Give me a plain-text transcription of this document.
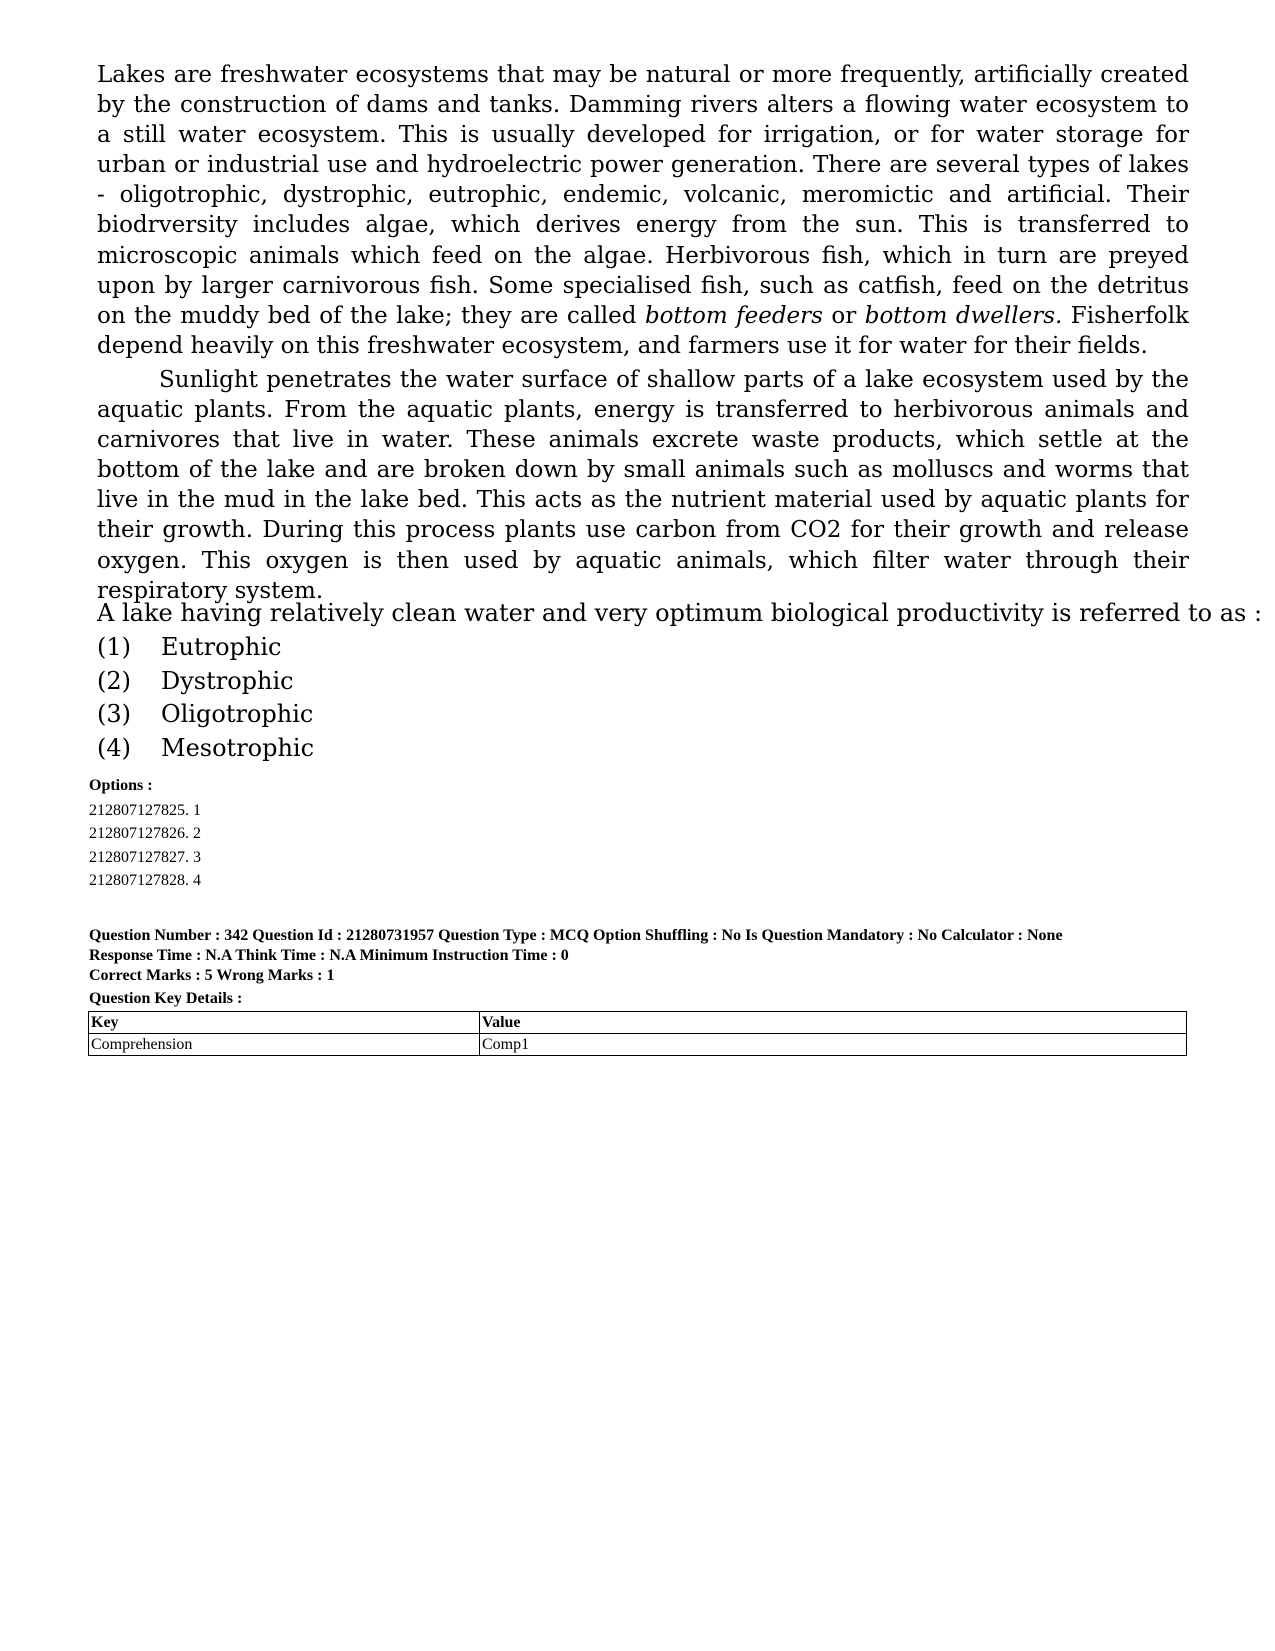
Lakes are freshwater ecosystems that may be natural or more frequently, artificially created by the construction of dams and tanks. Damming rivers alters a flowing water ecosystem to a still water ecosystem. This is usually developed for irrigation, or for water storage for urban or industrial use and hydroelectric power generation. There are several types of lakes - oligotrophic, dystrophic, eutrophic, endemic, volcanic, meromictic and artificial. Their biodrversity includes algae, which derives energy from the sun. This is transferred to microscopic animals which feed on the algae. Herbivorous fish, which in turn are preyed upon by larger carnivorous fish. Some specialised fish, such as catfish, feed on the detritus on the muddy bed of the lake; they are called bottom feeders or bottom dwellers. Fisherfolk depend heavily on this freshwater ecosystem, and farmers use it for water for their fields.

Sunlight penetrates the water surface of shallow parts of a lake ecosystem used by the aquatic plants. From the aquatic plants, energy is transferred to herbivorous animals and carnivores that live in water. These animals excrete waste products, which settle at the bottom of the lake and are broken down by small animals such as molluscs and worms that live in the mud in the lake bed. This acts as the nutrient material used by aquatic plants for their growth. During this process plants use carbon from CO2 for their growth and release oxygen. This oxygen is then used by aquatic animals, which filter water through their respiratory system.

A lake having relatively clean water and very optimum biological productivity is referred to as :
(1) Eutrophic
(2) Dystrophic
(3) Oligotrophic
(4) Mesotrophic
Options :
212807127825. 1
212807127826. 2
212807127827. 3
212807127828. 4
Question Number : 342 Question Id : 21280731957 Question Type : MCQ Option Shuffling : No Is Question Mandatory : No Calculator : None
Response Time : N.A Think Time : N.A Minimum Instruction Time : 0
Correct Marks : 5 Wrong Marks : 1
Question Key Details :
Key	Value
Comprehension	Comp1
